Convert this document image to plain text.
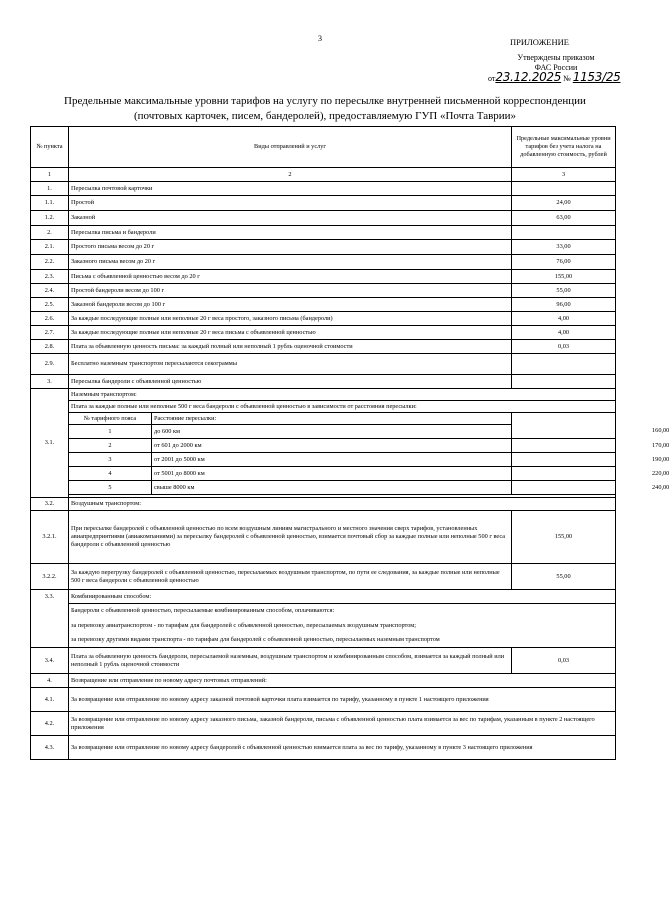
3	ПРИЛОЖЕНИЕ
Утверждены приказом
ФАС России
от23.12.2025 № 1153/25
Предельные максимальные уровни тарифов на услугу по пересылке внутренней письменной корреспонденции
(почтовых карточек, писем, бандеролей), предоставляемую ГУП «Почта Таврии»
№ пункта	Виды отправлений и услуг		Предельные максимальные уровни тарифов без учета налога на добавленную стоимость, рублей
1	2		3
1.	Пересылка почтовой карточки		
1.1.	Простой		24,00
1.2.	Заказной		63,00
2.	Пересылка письма и бандероли		
2.1.	Простого письма весом до 20 г		33,00
2.2.	Заказного письма весом до 20 г		76,00
2.3.	Письма с объявленной ценностью весом до 20 г		155,00
2.4.	Простой бандероли весом до 100 г		55,00
2.5.	Заказной бандероли весом до 100 г		96,00
2.6.	За каждые последующие полные или неполные 20 г веса простого, заказного письма (бандероли)		4,00
2.7.	За каждые последующие полные или неполные 20 г веса письма с объявленной ценностью		4,00
2.8.	Плата за объявленную ценность письма: за каждый полный или неполный 1 рубль оценочной стоимости		0,03
2.9.	Бесплатно наземным транспортом пересылаются секограммы		
3.	Пересылка бандероли с объявленной ценностью		
3.1.	Наземным транспортом:		
	Плата за каждые полные или неполные 500 г веса бандероли с объявленной ценностью в зависимости от расстояния пересылки:		
	№ тарифного пояса	Расстояние пересылки:	
	1	до 600 км	160,00
	2	от 601 до 2000 км	170,00
	3	от 2001 до 5000 км	190,00
	4	от 5001 до 8000 км	220,00
	5	свыше 8000 км	240,00

3.2.	Воздушным транспортом:		
3.2.1.	При пересылке бандеролей с объявленной ценностью по всем воздушным линиям магистрального и местного значения сверх тарифов, установленных авиапредприятиями (авиакомпаниями) за пересылку бандеролей с объявленной ценностью, взимается почтовый сбор за каждые полные или неполные 500 г веса бандероли с объявленной ценностью		155,00
3.2.2.	За каждую перегрузку бандеролей с объявленной ценностью, пересылаемых воздушным транспортом, по пути ее следования, за каждые полные или неполные 500 г веса бандероли с объявленной ценностью		55,00
3.3.	Комбинированным способом:		
	Бандероли с объявленной ценностью, пересылаемые комбинированным способом, оплачиваются:		
	за перевозку авиатранспортом - по тарифам для бандеролей с объявленной ценностью, пересылаемых воздушным транспортом;		
	за перевозку другими видами транспорта - по тарифам для бандеролей с объявленной ценностью, пересылаемых наземным транспортом		
3.4.	Плата за объявленную ценность бандероли, пересылаемой наземным, воздушным транспортом и комбинированным способом, взимается за каждый полный или неполный 1 рубль оценочной стоимости		0,03
4.	Возвращение или отправление по новому адресу почтовых отправлений:		
4.1.	За возвращение или отправление по новому адресу заказной почтовой карточки плата взимается по тарифу, указанному в пункте 1 настоящего приложения		
4.2.	За возвращение или отправление по новому адресу заказного письма, заказной бандероли, письма с объявленной ценностью плата взимается за вес по тарифам, указанным в пункте 2 настоящего приложения		
4.3.	За возвращение или отправление по новому адресу бандеролей с объявленной ценностью взимается плата за вес по тарифу, указанному в пункте 3 настоящего приложения		
